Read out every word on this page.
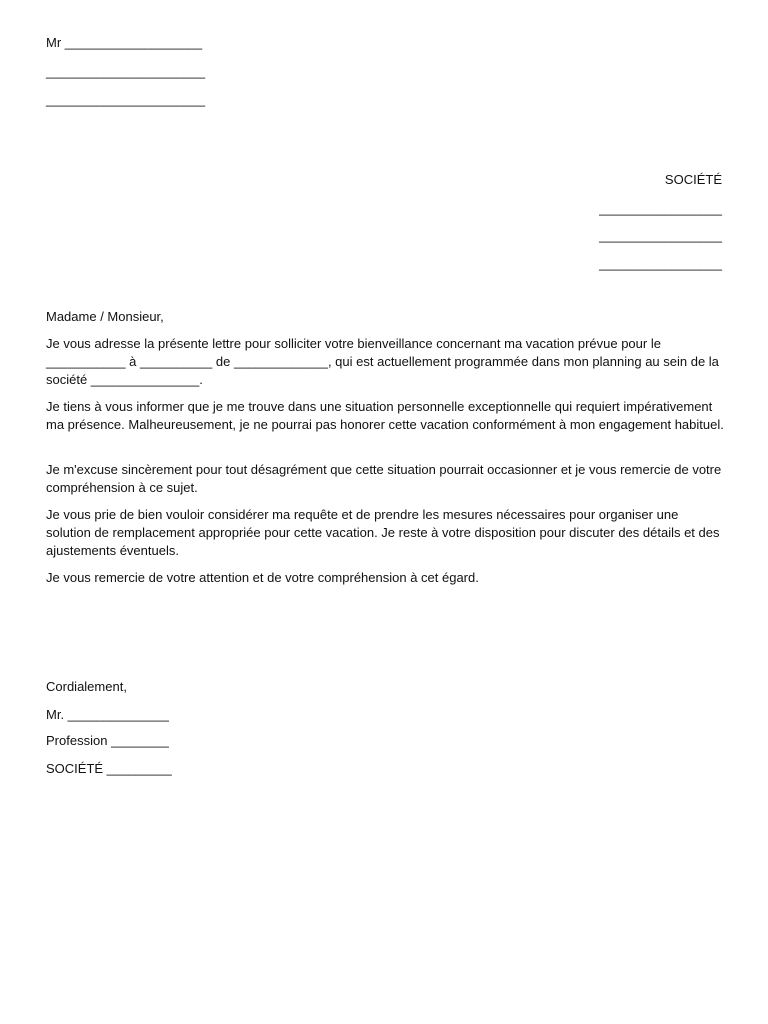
Mr ___________________
______________________
______________________
SOCIÉTÉ
_________________
_________________
_________________
Madame / Monsieur,
Je vous adresse la présente lettre pour solliciter votre bienveillance concernant ma vacation prévue pour le ___________ à __________ de _____________, qui est actuellement programmée dans mon planning au sein de la société _______________.
Je tiens à vous informer que je me trouve dans une situation personnelle exceptionnelle qui requiert impérativement ma présence. Malheureusement, je ne pourrai pas honorer cette vacation conformément à mon engagement habituel.
Je m'excuse sincèrement pour tout désagrément que cette situation pourrait occasionner et je vous remercie de votre compréhension à ce sujet.
Je vous prie de bien vouloir considérer ma requête et de prendre les mesures nécessaires pour organiser une solution de remplacement appropriée pour cette vacation. Je reste à votre disposition pour discuter des détails et des ajustements éventuels.
Je vous remercie de votre attention et de votre compréhension à cet égard.
Cordialement,
Mr. ______________
Profession ________
SOCIÉTÉ _________
